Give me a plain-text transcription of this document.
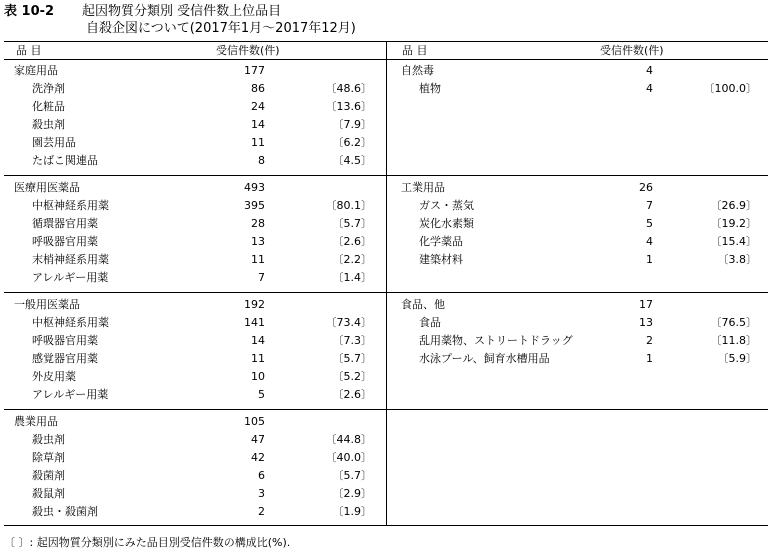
表 10-2 起因物質分類別 受信件数上位品目
自殺企図について(2017年1月～2017年12月)
品 目	受信件数(件)	品 目	受信件数(件)
家庭用品	177
洗浄剤	86	〔48.6〕
化粧品	24	〔13.6〕
殺虫剤	14	〔7.9〕
園芸用品	11	〔6.2〕
たばこ関連品	8	〔4.5〕
医療用医薬品	493
中枢神経系用薬	395	〔80.1〕
循環器官用薬	28	〔5.7〕
呼吸器官用薬	13	〔2.6〕
末梢神経系用薬	11	〔2.2〕
アレルギー用薬	7	〔1.4〕
一般用医薬品	192
中枢神経系用薬	141	〔73.4〕
呼吸器官用薬	14	〔7.3〕
感覚器官用薬	11	〔5.7〕
外皮用薬	10	〔5.2〕
アレルギー用薬	5	〔2.6〕
農業用品	105
殺虫剤	47	〔44.8〕
除草剤	42	〔40.0〕
殺菌剤	6	〔5.7〕
殺鼠剤	3	〔2.9〕
殺虫・殺菌剤	2	〔1.9〕
自然毒	4
植物	4	〔100.0〕
工業用品	26
ガス・蒸気	7	〔26.9〕
炭化水素類	5	〔19.2〕
化学薬品	4	〔15.4〕
建築材料	1	〔3.8〕
食品、他	17
食品	13	〔76.5〕
乱用薬物、ストリートドラッグ	2	〔11.8〕
水泳プール、飼育水槽用品	1	〔5.9〕
〔 〕: 起因物質分類別にみた品目別受信件数の構成比(%).
